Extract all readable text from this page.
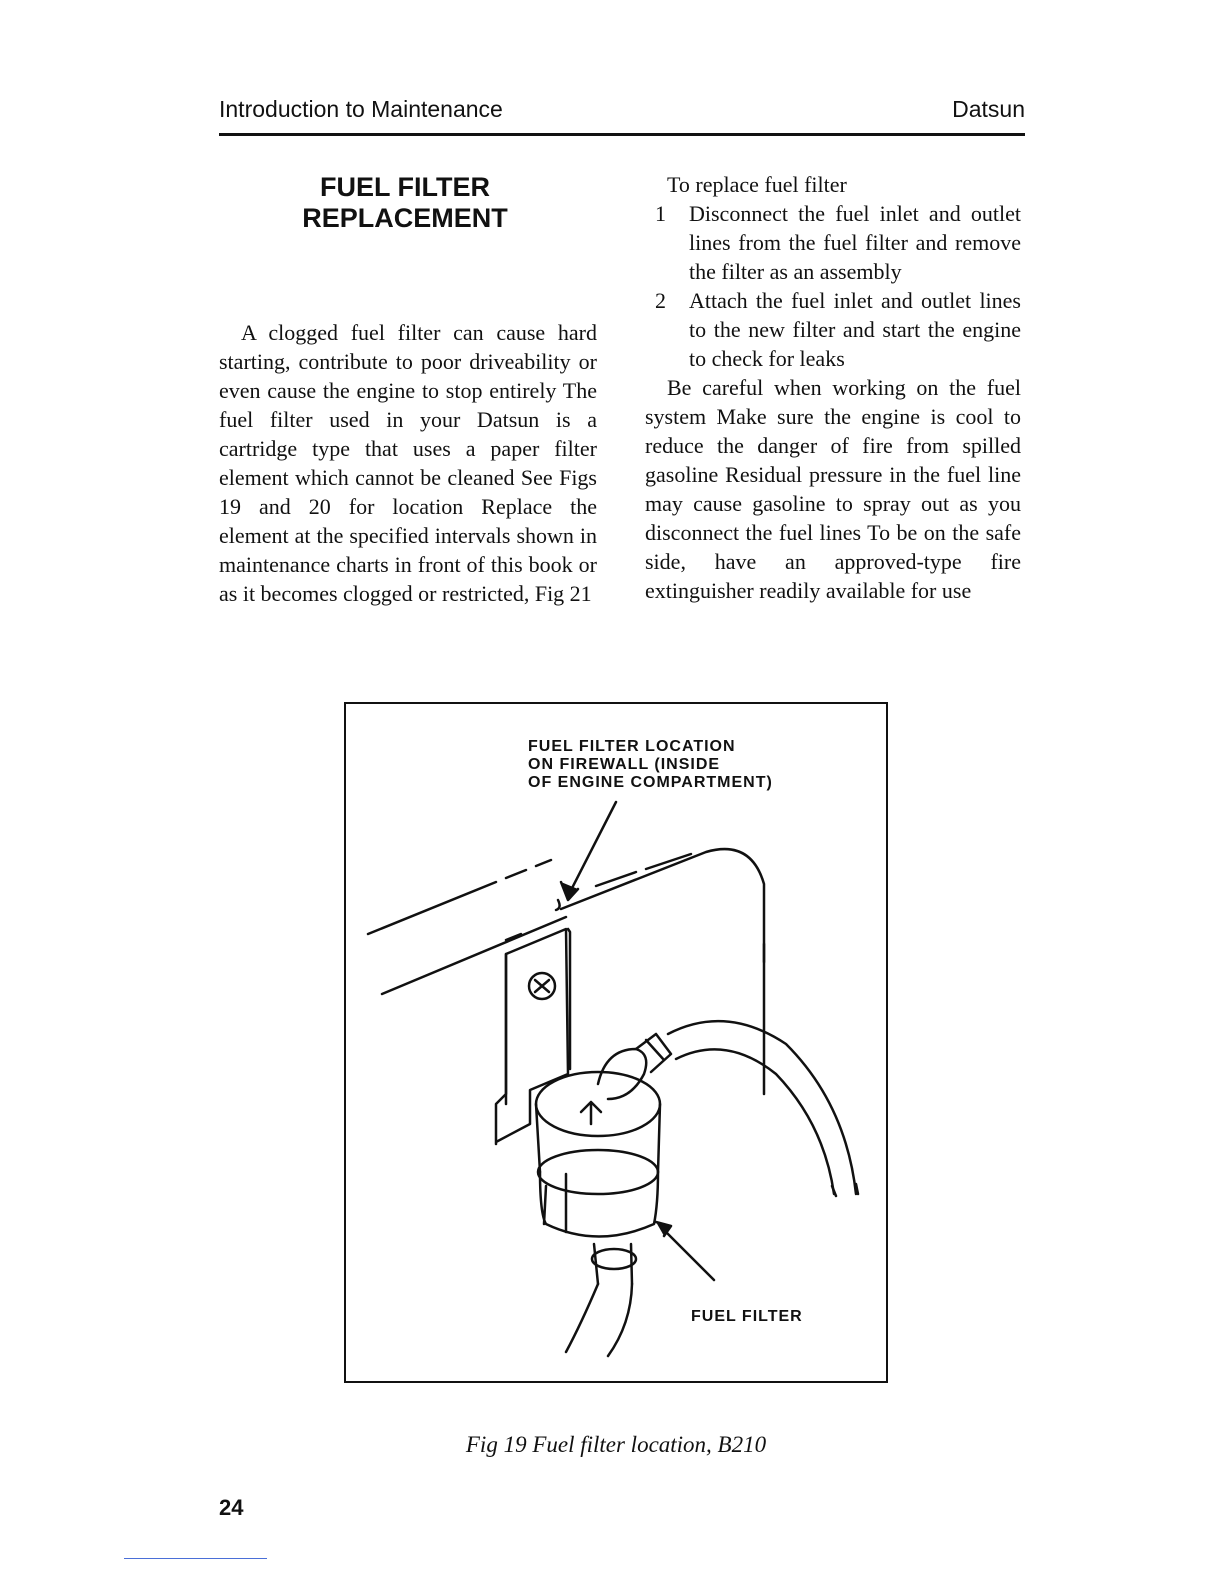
Introduction to Maintenance	Datsun
FUEL FILTER
REPLACEMENT

A clogged fuel filter can cause hard starting, contribute to poor driveability or even cause the engine to stop entirely The fuel filter used in your Datsun is a cartridge type that uses a paper filter element which cannot be cleaned See Figs 19 and 20 for location Replace the element at the specified intervals shown in maintenance charts in front of this book or as it becomes clogged or restricted, Fig 21

To replace fuel filter

1 Disconnect the fuel inlet and outlet lines from the fuel filter and remove the filter as an assembly
2 Attach the fuel inlet and outlet lines to the new filter and start the engine to check for leaks

Be careful when working on the fuel system Make sure the engine is cool to reduce the danger of fire from spilled gasoline Residual pressure in the fuel line may cause gasoline to spray out as you disconnect the fuel lines To be on the safe side, have an approved-type fire extinguisher readily available for use

FUEL FILTER LOCATION
ON FIREWALL (INSIDE
OF ENGINE COMPARTMENT)
FUEL FILTER
Fig 19 Fuel filter location, B210
24
